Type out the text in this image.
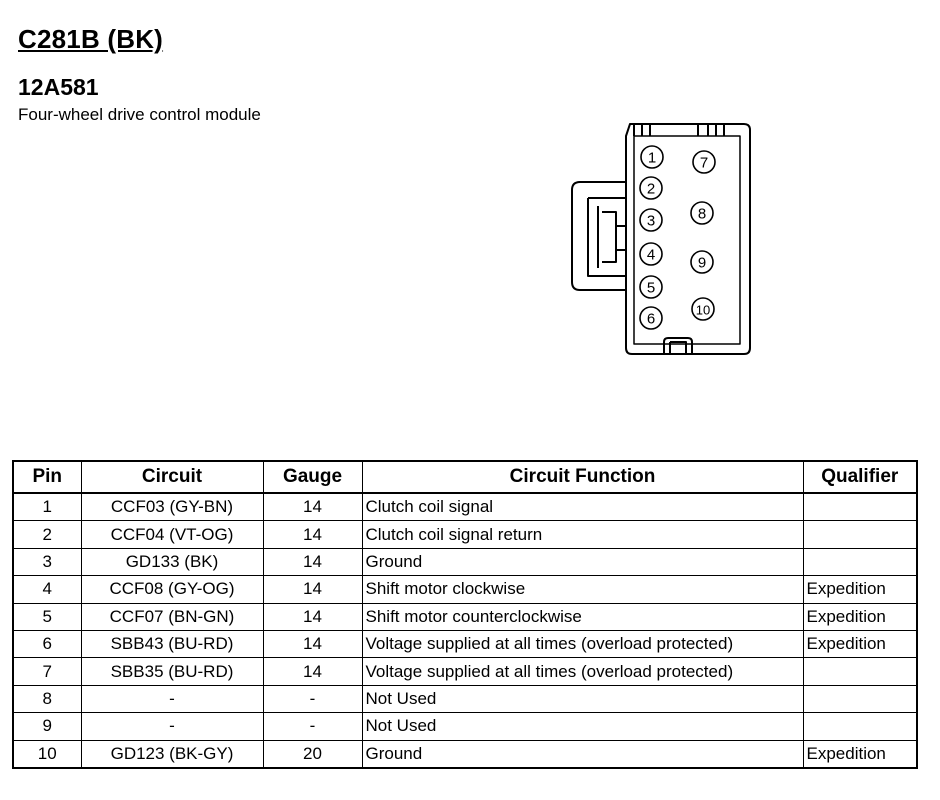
C281B (BK)
12A581

Four-wheel drive control module

1
2
3
4
5
6
7
8
9
10
Pin	Circuit	Gauge	Circuit Function	Qualifier
1	CCF03 (GY-BN)	14	Clutch coil signal	
2	CCF04 (VT-OG)	14	Clutch coil signal return	
3	GD133 (BK)	14	Ground	
4	CCF08 (GY-OG)	14	Shift motor clockwise	Expedition
5	CCF07 (BN-GN)	14	Shift motor counterclockwise	Expedition
6	SBB43 (BU-RD)	14	Voltage supplied at all times (overload protected)	Expedition
7	SBB35 (BU-RD)	14	Voltage supplied at all times (overload protected)	
8	-	-	Not Used	
9	-	-	Not Used	
10	GD123 (BK-GY)	20	Ground	Expedition
